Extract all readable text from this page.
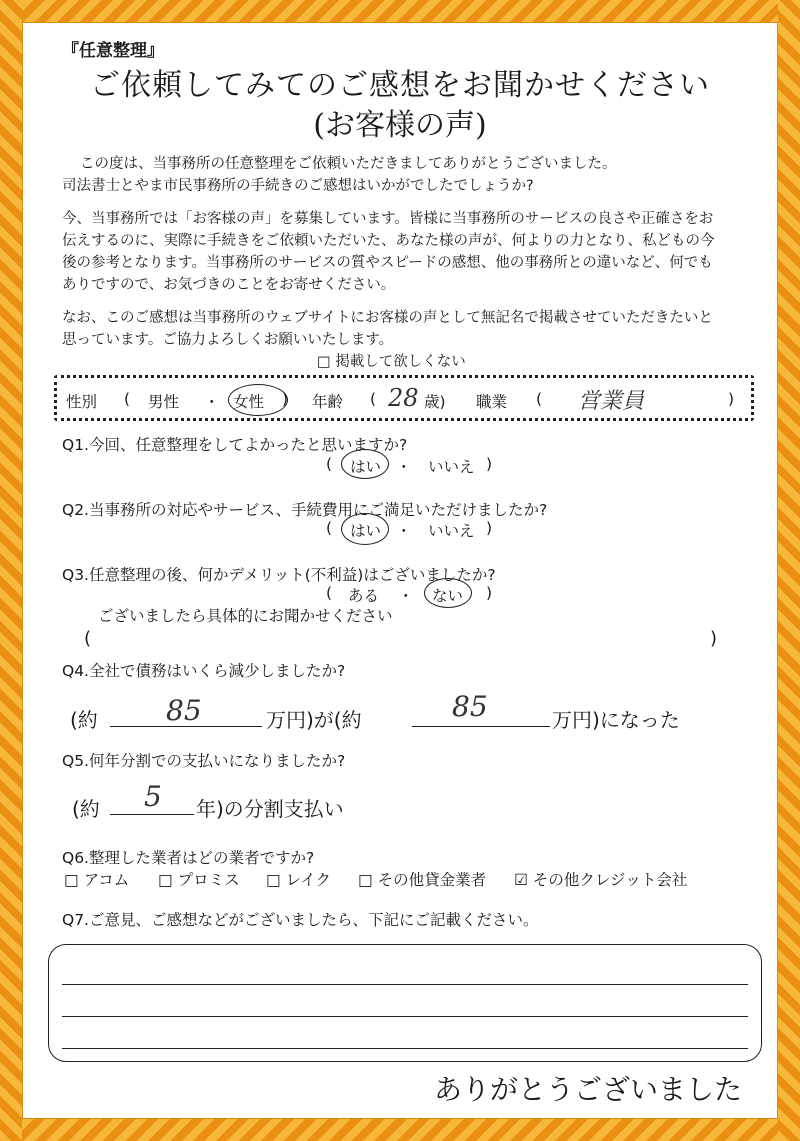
『任意整理』
ご依頼してみてのご感想をお聞かせください
(お客様の声)
この度は、当事務所の任意整理をご依頼いただきましてありがとうございました。
司法書士とやま市民事務所の手続きのご感想はいかがでしたでしょうか?
今、当事務所では「お客様の声」を募集しています。皆様に当事務所のサービスの良さや正確さをお
伝えするのに、実際に手続きをご依頼いただいた、あなた様の声が、何よりの力となり、私どもの今
後の参考となります。当事務所のサービスの質やスピードの感想、他の事務所との違いなど、何でも
ありですので、お気づきのことをお寄せください。
なお、このご感想は当事務所のウェブサイトにお客様の声として無記名で掲載させていただきたいと
思っています。ご協力よろしくお願いいたします。
□ 掲載して欲しくない
性別 ( 男性 ・ 女性 ) 年齢 ( 28 歳) 職業 ( 営業員	)
Q1.今回、任意整理をしてよかったと思いますか?
( はい ・ いいえ )
Q2.当事務所の対応やサービス、手続費用にご満足いただけましたか?
( はい ・ いいえ )
Q3.任意整理の後、何かデメリット(不利益)はございましたか?
( ある ・ ない )
ございましたら具体的にお聞かせください
(	)
Q4.全社で債務はいくら減少しましたか?
(約 85	万円)が(約	85	万円)になった
Q5.何年分割での支払いになりましたか?
(約 5 年)の分割支払い
Q6.整理した業者はどの業者ですか?
□ アコム □ プロミス □ レイク □ その他貸金業者 ☑ その他クレジット会社
Q7.ご意見、ご感想などがございましたら、下記にご記載ください。
ありがとうございました
